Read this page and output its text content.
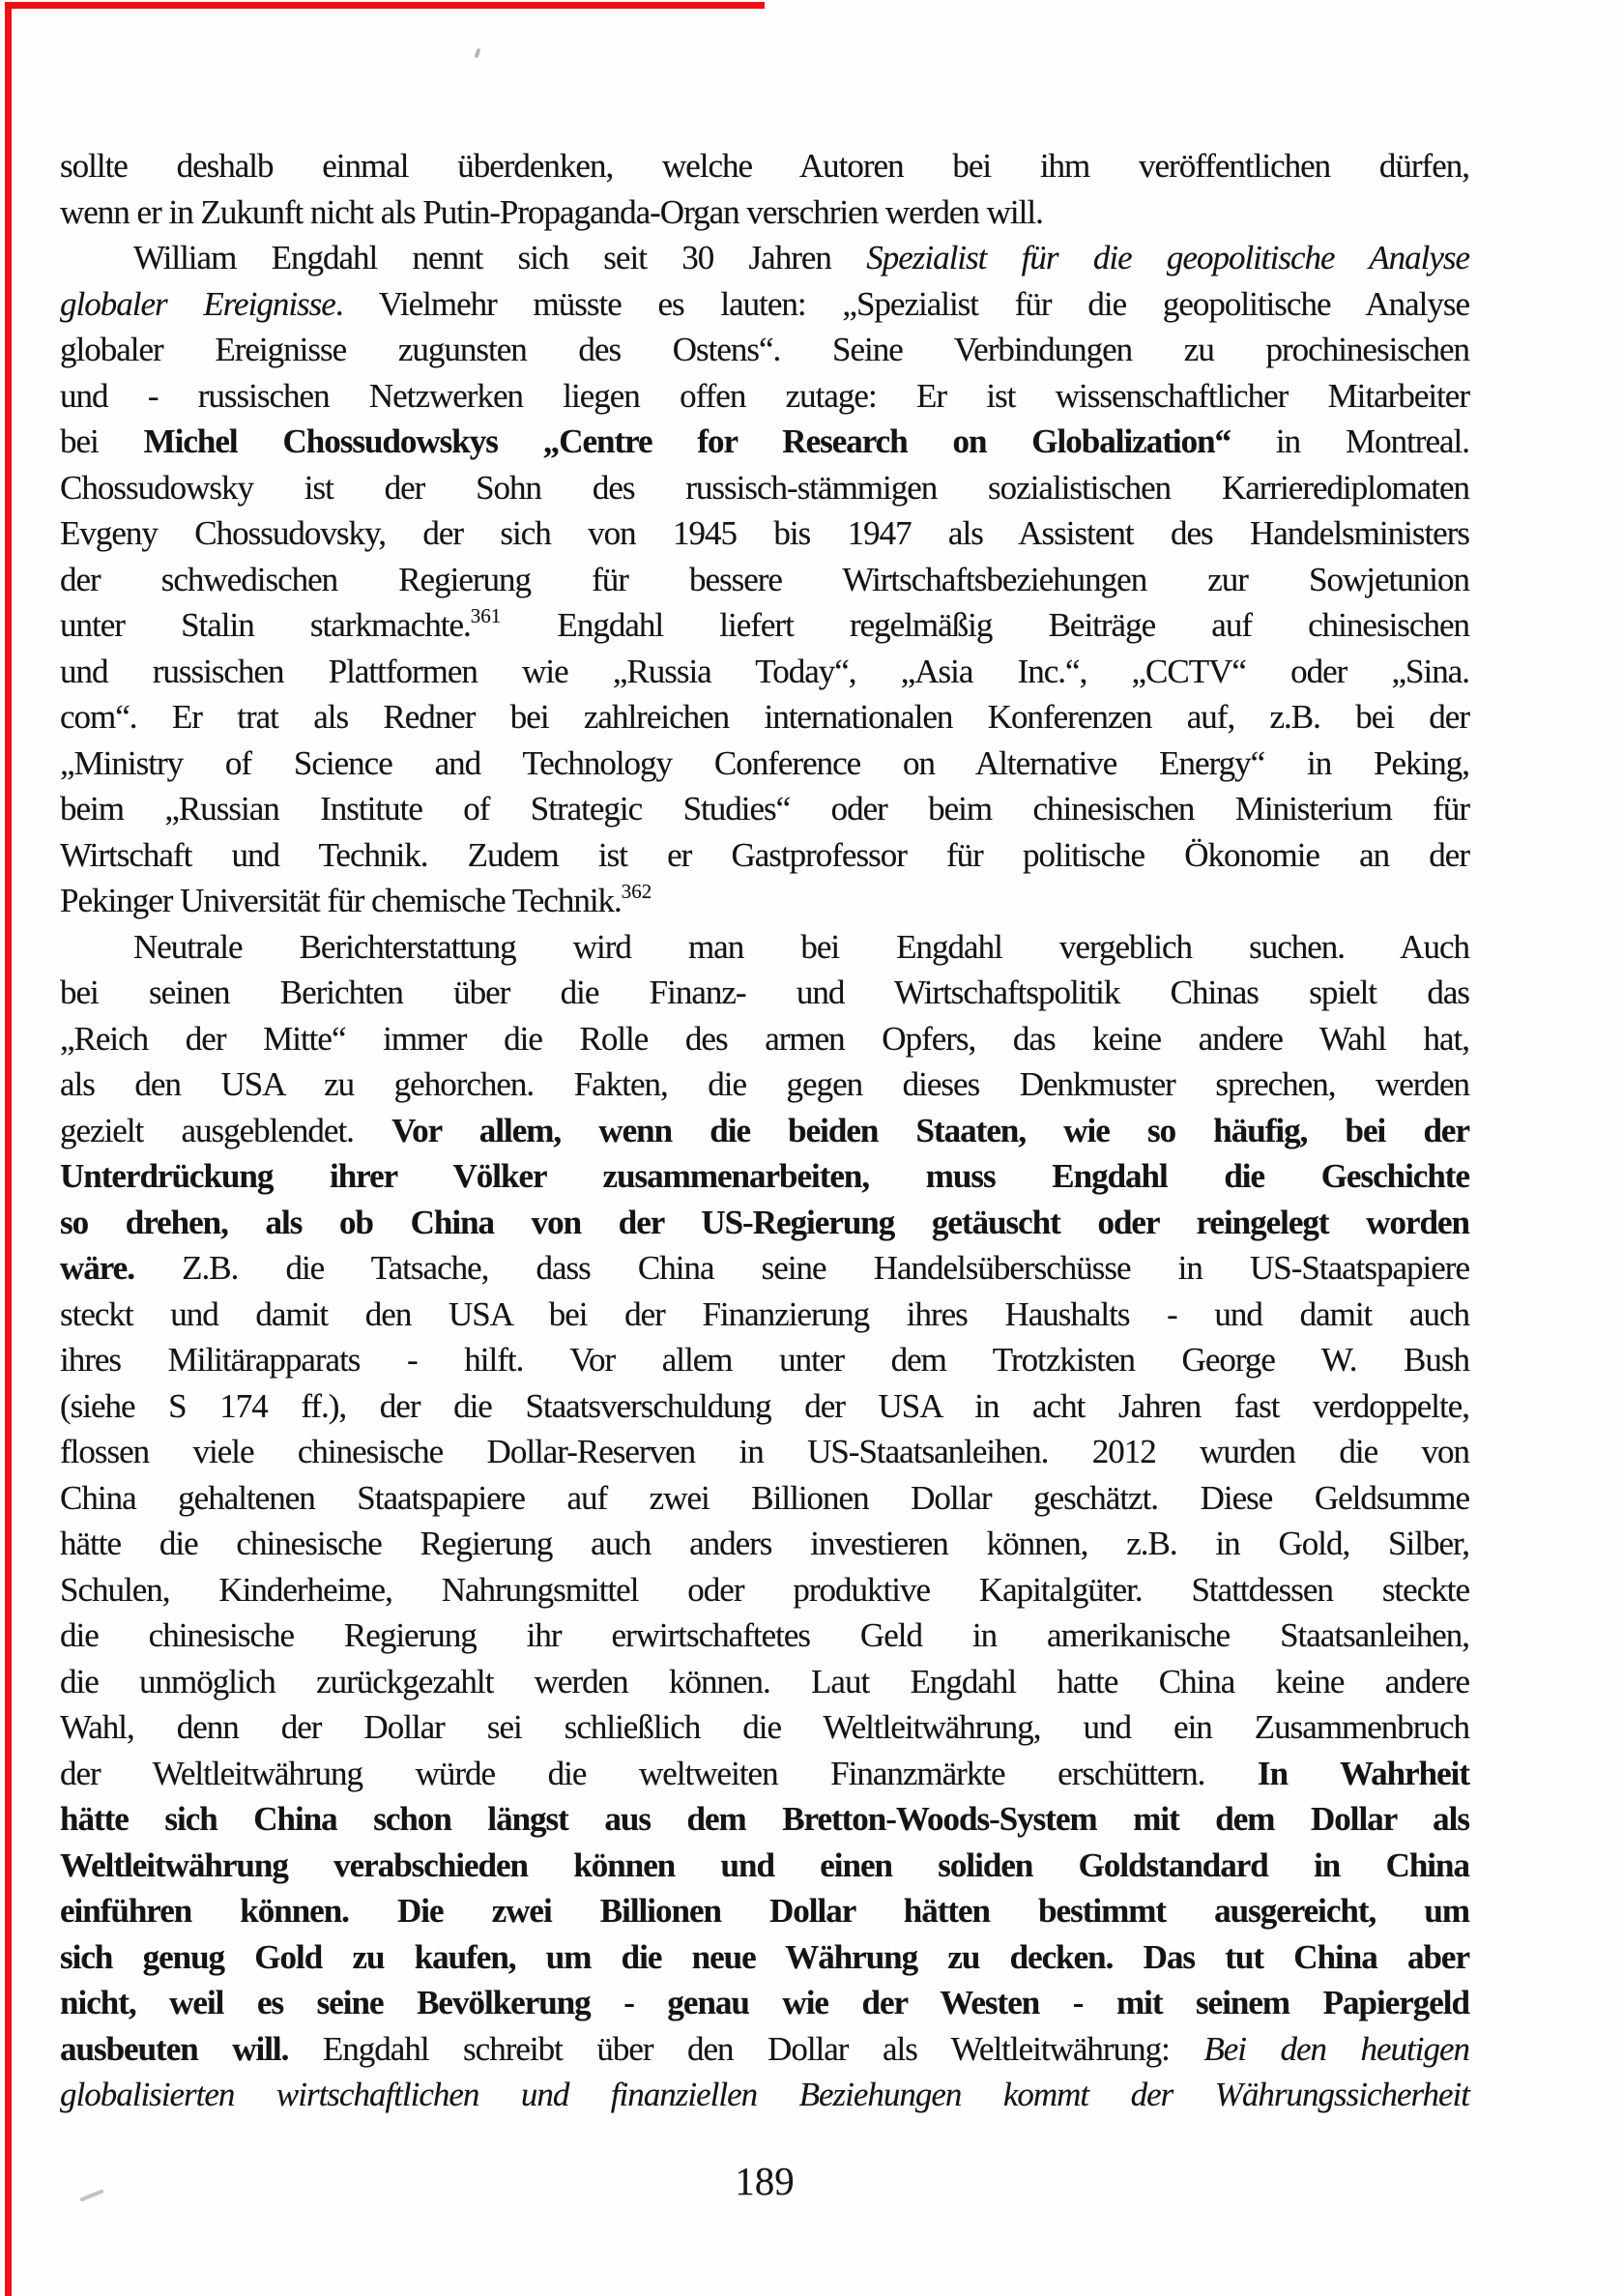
sollte deshalb einmal überdenken, welche Autoren bei ihm veröffentlichen dürfen,
wenn er in Zukunft nicht als Putin-Propaganda-Organ verschrien werden will.
William Engdahl nennt sich seit 30 Jahren Spezialist für die geopolitische Analyse
globaler Ereignisse. Vielmehr müsste es lauten: „Spezialist für die geopolitische Analyse
globaler Ereignisse zugunsten des Ostens“. Seine Verbindungen zu prochinesischen
und - russischen Netzwerken liegen offen zutage: Er ist wissenschaftlicher Mitarbeiter
bei Michel Chossudowskys „Centre for Research on Globalization“ in Montreal.
Chossudowsky ist der Sohn des russisch-stämmigen sozialistischen Karrierediplomaten
Evgeny Chossudovsky, der sich von 1945 bis 1947 als Assistent des Handelsministers
der schwedischen Regierung für bessere Wirtschaftsbeziehungen zur Sowjetunion
unter Stalin starkmachte.$^{361}$ Engdahl liefert regelmäßig Beiträge auf chinesischen
und russischen Plattformen wie „Russia Today“, „Asia Inc.“, „CCTV“ oder „Sina.
com“. Er trat als Redner bei zahlreichen internationalen Konferenzen auf, z.B. bei der
„Ministry of Science and Technology Conference on Alternative Energy“ in Peking,
beim „Russian Institute of Strategic Studies“ oder beim chinesischen Ministerium für
Wirtschaft und Technik. Zudem ist er Gastprofessor für politische Ökonomie an der
Pekinger Universität für chemische Technik.$^{362}$
Neutrale Berichterstattung wird man bei Engdahl vergeblich suchen. Auch
bei seinen Berichten über die Finanz- und Wirtschaftspolitik Chinas spielt das
„Reich der Mitte“ immer die Rolle des armen Opfers, das keine andere Wahl hat,
als den USA zu gehorchen. Fakten, die gegen dieses Denkmuster sprechen, werden
gezielt ausgeblendet. Vor allem, wenn die beiden Staaten, wie so häufig, bei der
Unterdrückung ihrer Völker zusammenarbeiten, muss Engdahl die Geschichte
so drehen, als ob China von der US-Regierung getäuscht oder reingelegt worden
wäre. Z.B. die Tatsache, dass China seine Handelsüberschüsse in US-Staatspapiere
steckt und damit den USA bei der Finanzierung ihres Haushalts - und damit auch
ihres Militärapparats - hilft. Vor allem unter dem Trotzkisten George W. Bush
(siehe S 174 ff.), der die Staatsverschuldung der USA in acht Jahren fast verdoppelte,
flossen viele chinesische Dollar-Reserven in US-Staatsanleihen. 2012 wurden die von
China gehaltenen Staatspapiere auf zwei Billionen Dollar geschätzt. Diese Geldsumme
hätte die chinesische Regierung auch anders investieren können, z.B. in Gold, Silber,
Schulen, Kinderheime, Nahrungsmittel oder produktive Kapitalgüter. Stattdessen steckte
die chinesische Regierung ihr erwirtschaftetes Geld in amerikanische Staatsanleihen,
die unmöglich zurückgezahlt werden können. Laut Engdahl hatte China keine andere
Wahl, denn der Dollar sei schließlich die Weltleitwährung, und ein Zusammenbruch
der Weltleitwährung würde die weltweiten Finanzmärkte erschüttern. In Wahrheit
hätte sich China schon längst aus dem Bretton-Woods-System mit dem Dollar als
Weltleitwährung verabschieden können und einen soliden Goldstandard in China
einführen können. Die zwei Billionen Dollar hätten bestimmt ausgereicht, um
sich genug Gold zu kaufen, um die neue Währung zu decken. Das tut China aber
nicht, weil es seine Bevölkerung - genau wie der Westen - mit seinem Papiergeld
ausbeuten will. Engdahl schreibt über den Dollar als Weltleitwährung: Bei den heutigen
globalisierten wirtschaftlichen und finanziellen Beziehungen kommt der Währungssicherheit
189
